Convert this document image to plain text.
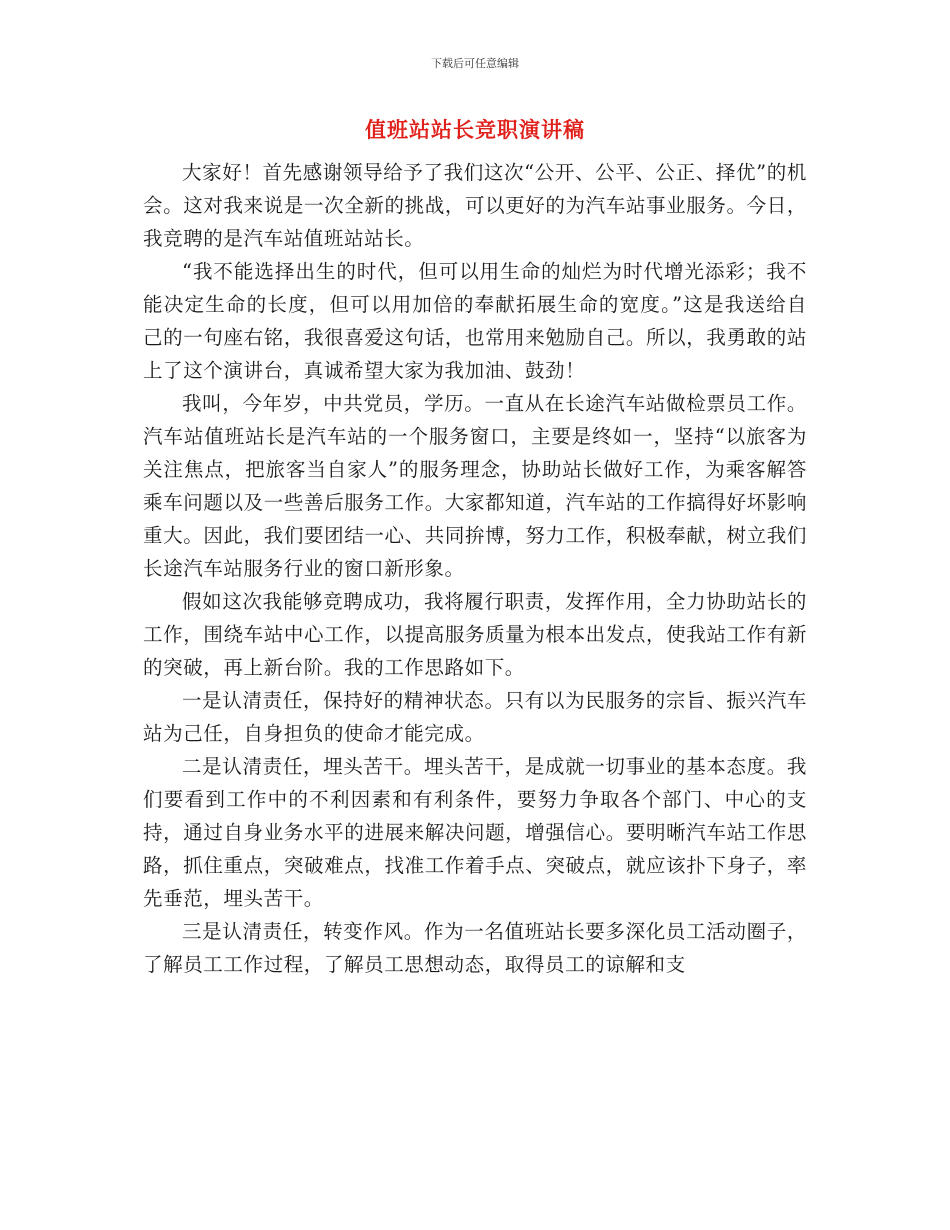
下载后可任意编辑
值班站站长竞职演讲稿

大家好！首先感谢领导给予了我们这次“公开、公平、公正、择优”的机会。这对我来说是一次全新的挑战，可以更好的为汽车站事业服务。今日，我竞聘的是汽车站值班站站长。

“我不能选择出生的时代，但可以用生命的灿烂为时代增光添彩；我不能决定生命的长度，但可以用加倍的奉献拓展生命的宽度。”这是我送给自己的一句座右铭，我很喜爱这句话，也常用来勉励自己。所以，我勇敢的站上了这个演讲台，真诚希望大家为我加油、鼓劲！

我叫，今年岁，中共党员，学历。一直从在长途汽车站做检票员工作。汽车站值班站长是汽车站的一个服务窗口，主要是终如一，坚持“以旅客为关注焦点，把旅客当自家人”的服务理念，协助站长做好工作，为乘客解答乘车问题以及一些善后服务工作。大家都知道，汽车站的工作搞得好坏影响重大。因此，我们要团结一心、共同拚博，努力工作，积极奉献，树立我们长途汽车站服务行业的窗口新形象。

假如这次我能够竞聘成功，我将履行职责，发挥作用，全力协助站长的工作，围绕车站中心工作，以提高服务质量为根本出发点，使我站工作有新的突破，再上新台阶。我的工作思路如下。

一是认清责任，保持好的精神状态。只有以为民服务的宗旨、振兴汽车站为己任，自身担负的使命才能完成。

二是认清责任，埋头苦干。埋头苦干，是成就一切事业的基本态度。我们要看到工作中的不利因素和有利条件，要努力争取各个部门、中心的支持，通过自身业务水平的进展来解决问题，增强信心。要明晰汽车站工作思路，抓住重点，突破难点，找准工作着手点、突破点，就应该扑下身子，率先垂范，埋头苦干。

三是认清责任，转变作风。作为一名值班站长要多深化员工活动圈子，了解员工工作过程，了解员工思想动态，取得员工的谅解和支
